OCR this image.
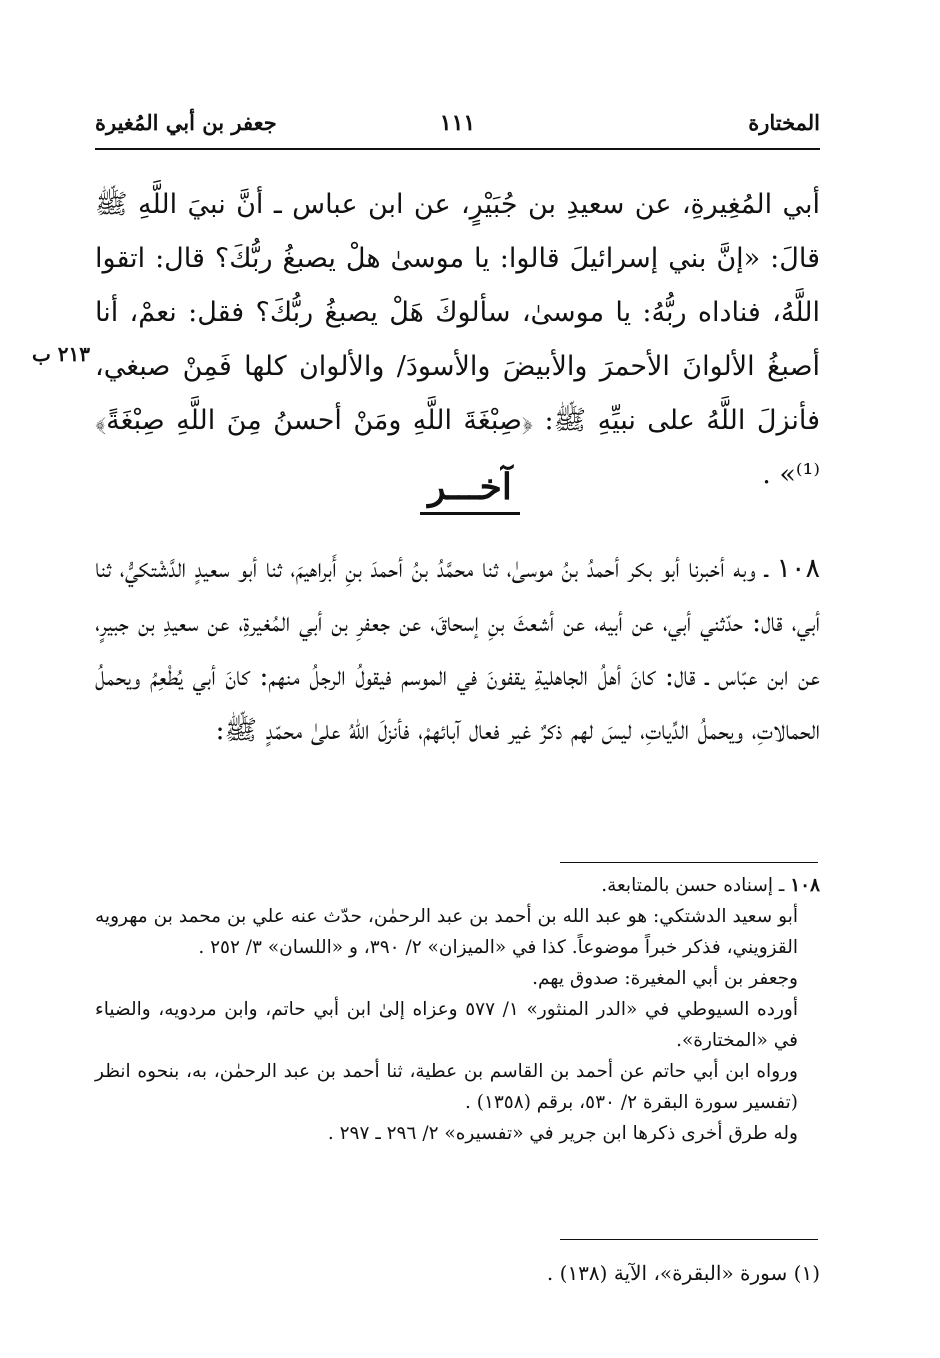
المختارة
١١١
جعفر بن أبي المُغيرة
أبي المُغِيرةِ، عن سعيدِ بن جُبَيْرٍ، عن ابن عباس ـ أنَّ نبيَ اللَّهِ ﷺ قالَ: «إنَّ بني إسرائيلَ قالوا: يا موسىٰ هلْ يصبغُ ربُّكَ؟ قال: اتقوا اللَّهُ، فناداه ربُّهُ: يا موسىٰ، سألوكَ هَلْ يصبغُ ربُّكَ؟ فقل: نعمْ، أنا أصبغُ الألوانَ الأحمرَ والأبيضَ والأسودَ/ والألوان كلها فَمِنْ صبغي، فأنزلَ اللَّهُ على نبيِّهِ ﷺ: ﴿صِبْغَةَ اللَّهِ ومَنْ أحسنُ مِنَ اللَّهِ صِبْغَةً﴾⁽¹⁾» .
٢١٣ ب
آخـــر
١٠٨ ـ وبه أخبرنا أبو بكر أحمدُ بنُ موسىٰ، ثنا محمَّدُ بنُ أحمدَ بنِ أَبراهيمَ، ثنا أبو سعيدٍ الدَّشْتكيُّ، ثنا أبي، قال: حدّثني أبي، عن أبيه، عن أشعثَ بنِ إسحاقَ، عن جعفرِ بن أبي المُغيرةِ، عن سعيدِ بن جبيرٍ، عن ابن عبّاس ـ قال: كانَ أهلُ الجاهليةِ يقفونَ في الموسم فيقولُ الرجلُ منهم: كانَ أبي يُطْعِمُ ويحملُ الحمالاتِ، ويحملُ الدِّياتِ، ليسَ لهم ذكرٌ غير فعال آبائهمْ، فأنزلَ اللّهُ علىٰ محمّدٍ ﷺ:

١٠٨ ـ إسناده حسن بالمتابعة.

أبو سعيد الدشتكي: هو عبد الله بن أحمد بن عبد الرحمٰن، حدّث عنه علي بن محمد بن مهرويه القزويني، فذكر خبراً موضوعاً. كذا في «الميزان» ٢/ ٣٩٠، و «اللسان» ٣/ ٢٥٢ .

وجعفر بن أبي المغيرة: صدوق يهم.

أورده السيوطي في «الدر المنثور» ١/ ٥٧٧ وعزاه إلىٰ ابن أبي حاتم، وابن مردويه، والضياء في «المختارة».

ورواه ابن أبي حاتم عن أحمد بن القاسم بن عطية، ثنا أحمد بن عبد الرحمٰن، به، بنحوه انظر (تفسير سورة البقرة ٢/ ٥٣٠، برقم (١٣٥٨) .

وله طرق أخرى ذكرها ابن جرير في «تفسيره» ٢/ ٢٩٦ ـ ٢٩٧ .

(١) سورة «البقرة»، الآية (١٣٨) .
